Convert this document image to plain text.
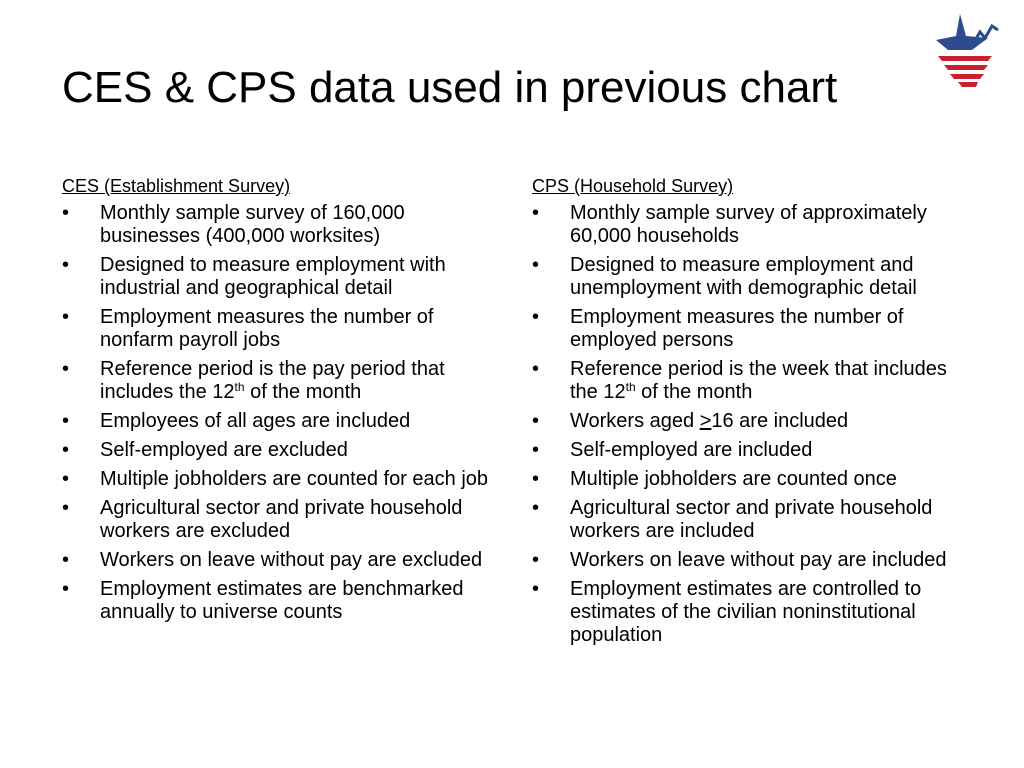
CES & CPS data used in previous chart
CES (Establishment Survey)
• Monthly sample survey of 160,000 businesses (400,000 worksites)
• Designed to measure employment with industrial and geographical detail
• Employment measures the number of nonfarm payroll jobs
• Reference period is the pay period that includes the 12th of the month
• Employees of all ages are included
• Self-employed are excluded
• Multiple jobholders are counted for each job
• Agricultural sector and private household workers are excluded
• Workers on leave without pay are excluded
• Employment estimates are benchmarked annually to universe counts
CPS (Household Survey)
• Monthly sample survey of approximately 60,000 households
• Designed to measure employment and unemployment with demographic detail
• Employment measures the number of employed persons
• Reference period is the week that includes the 12th of the month
• Workers aged >16 are included
• Self-employed are included
• Multiple jobholders are counted once
• Agricultural sector and private household workers are included
• Workers on leave without pay are included
• Employment estimates are controlled to estimates of the civilian noninstitutional population
